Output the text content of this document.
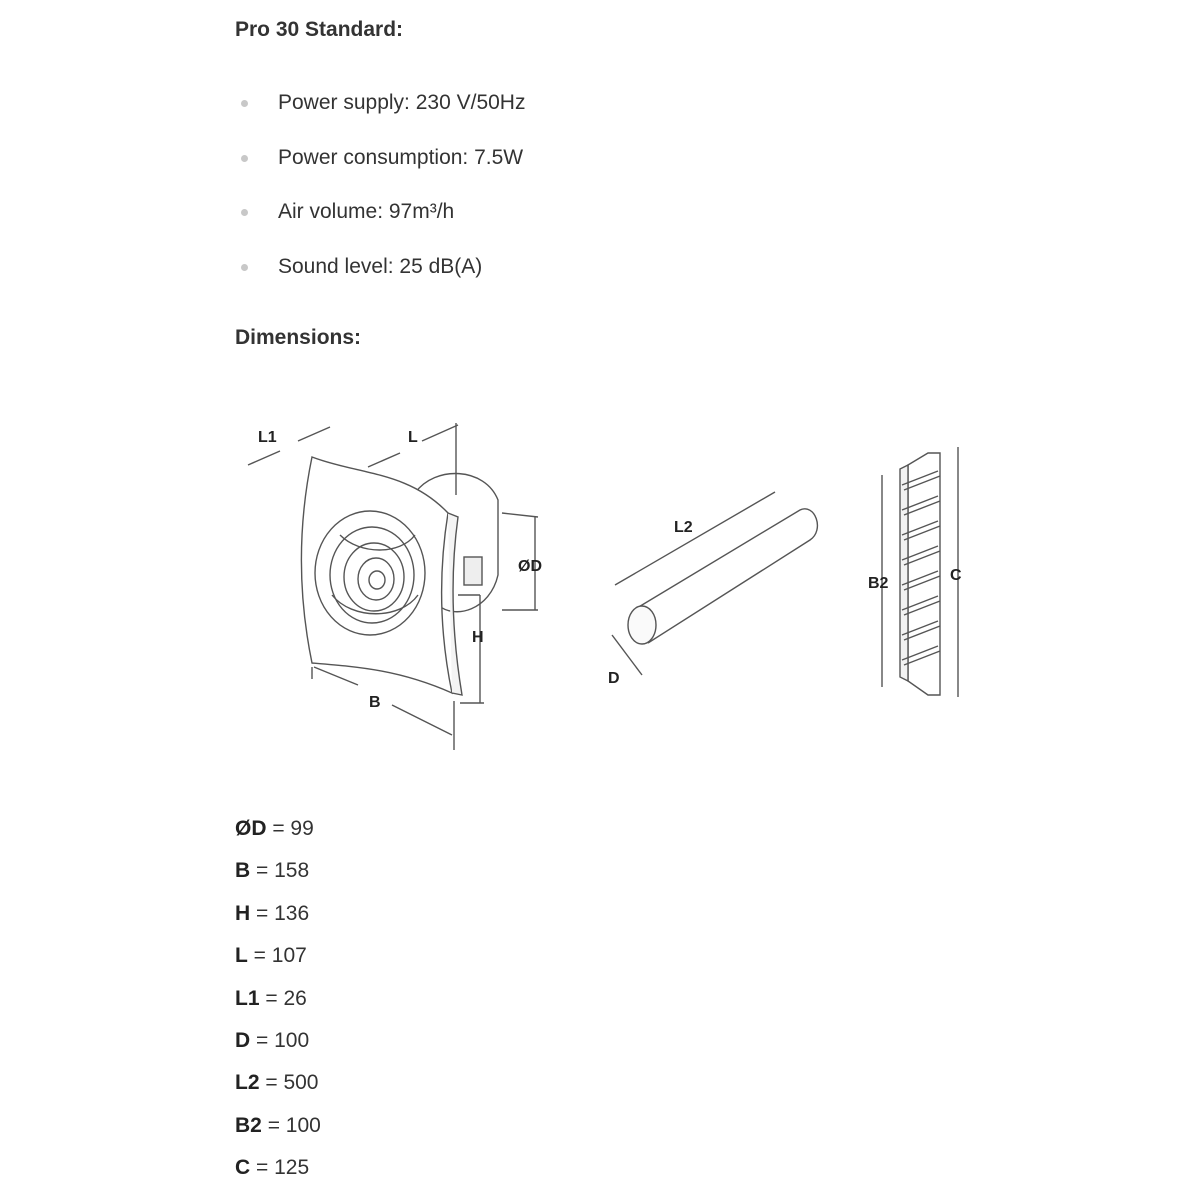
Pro 30 Standard:
Power supply: 230 V/50Hz
Power consumption: 7.5W
Air volume: 97m³/h
Sound level: 25 dB(A)
Dimensions:
L1	L
ØD
H
B
L2
D
B2	C
ØD = 99
B = 158
H = 136
L = 107
L1 = 26
D = 100
L2 = 500
B2 = 100
C = 125
